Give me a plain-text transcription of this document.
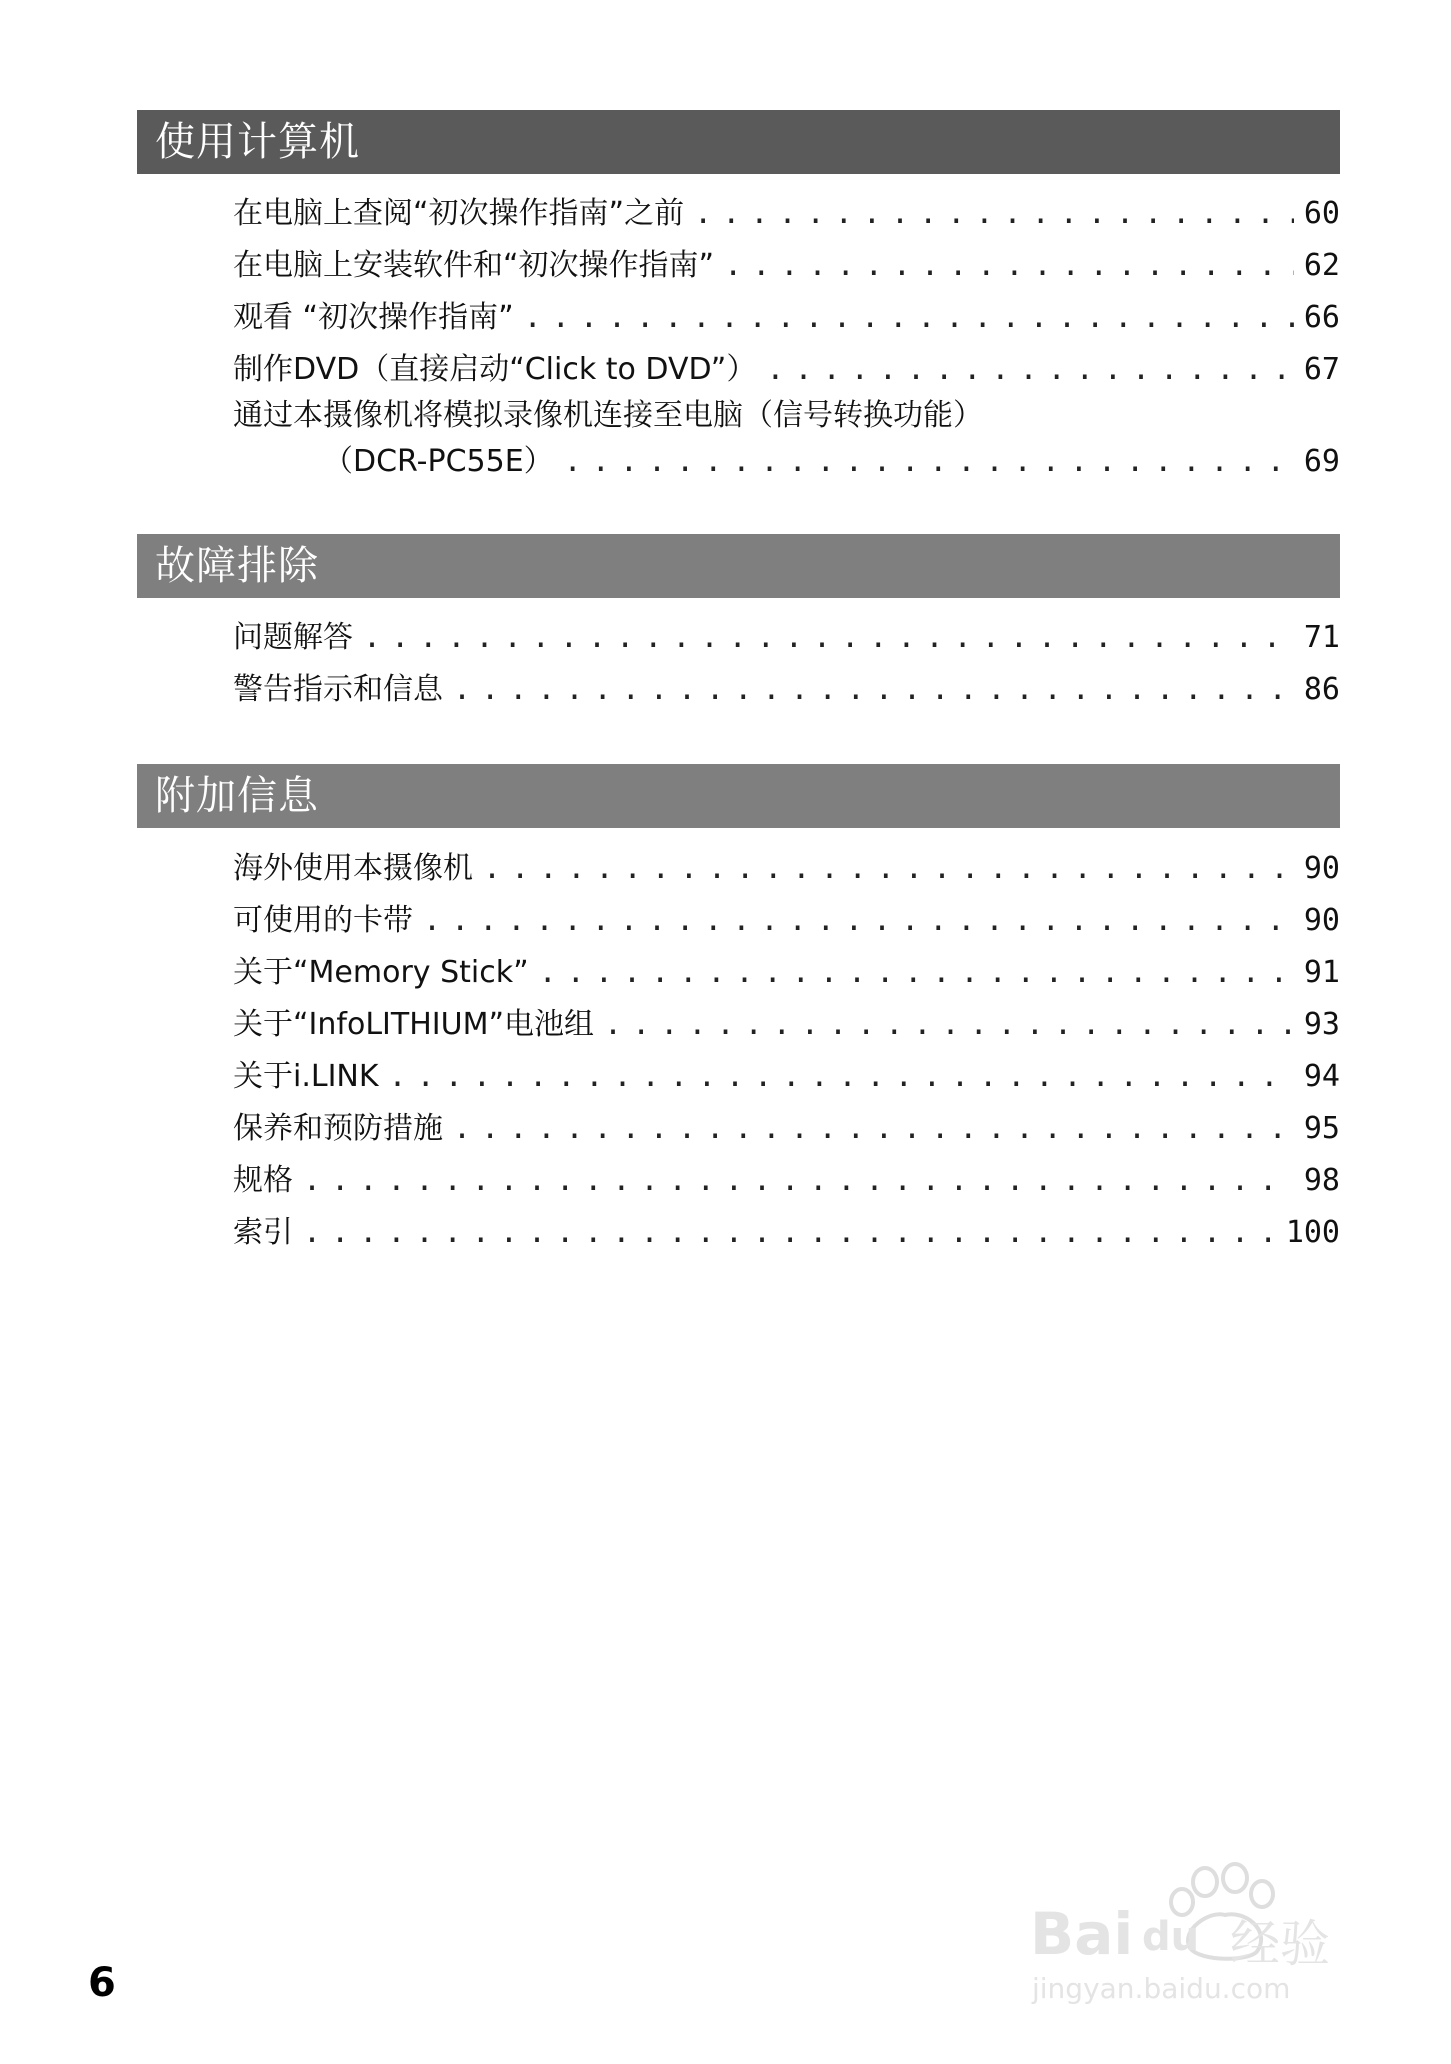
使用计算机
在电脑上查阅“初次操作指南”之前 . . .	60
在电脑上安装软件和“初次操作指南” . . .	62
观看 “初次操作指南” . . .	66
制作DVD（直接启动“Click to DVD”） . . .	67
通过本摄像机将模拟录像机连接至电脑（信号转换功能）
（DCR-PC55E） . . .	69
故障排除
问题解答 . . .	71
警告指示和信息 . . .	86
附加信息
海外使用本摄像机 . . .	90
可使用的卡带 . . .	90
关于“Memory Stick” . . .	91
关于“InfoLITHIUM”电池组 . . .	93
关于i.LINK . . .	94
保养和预防措施 . . .	95
规格 . . .	98
索引 . . .	100
6
Bai du 经验
jingyan.baidu.com
